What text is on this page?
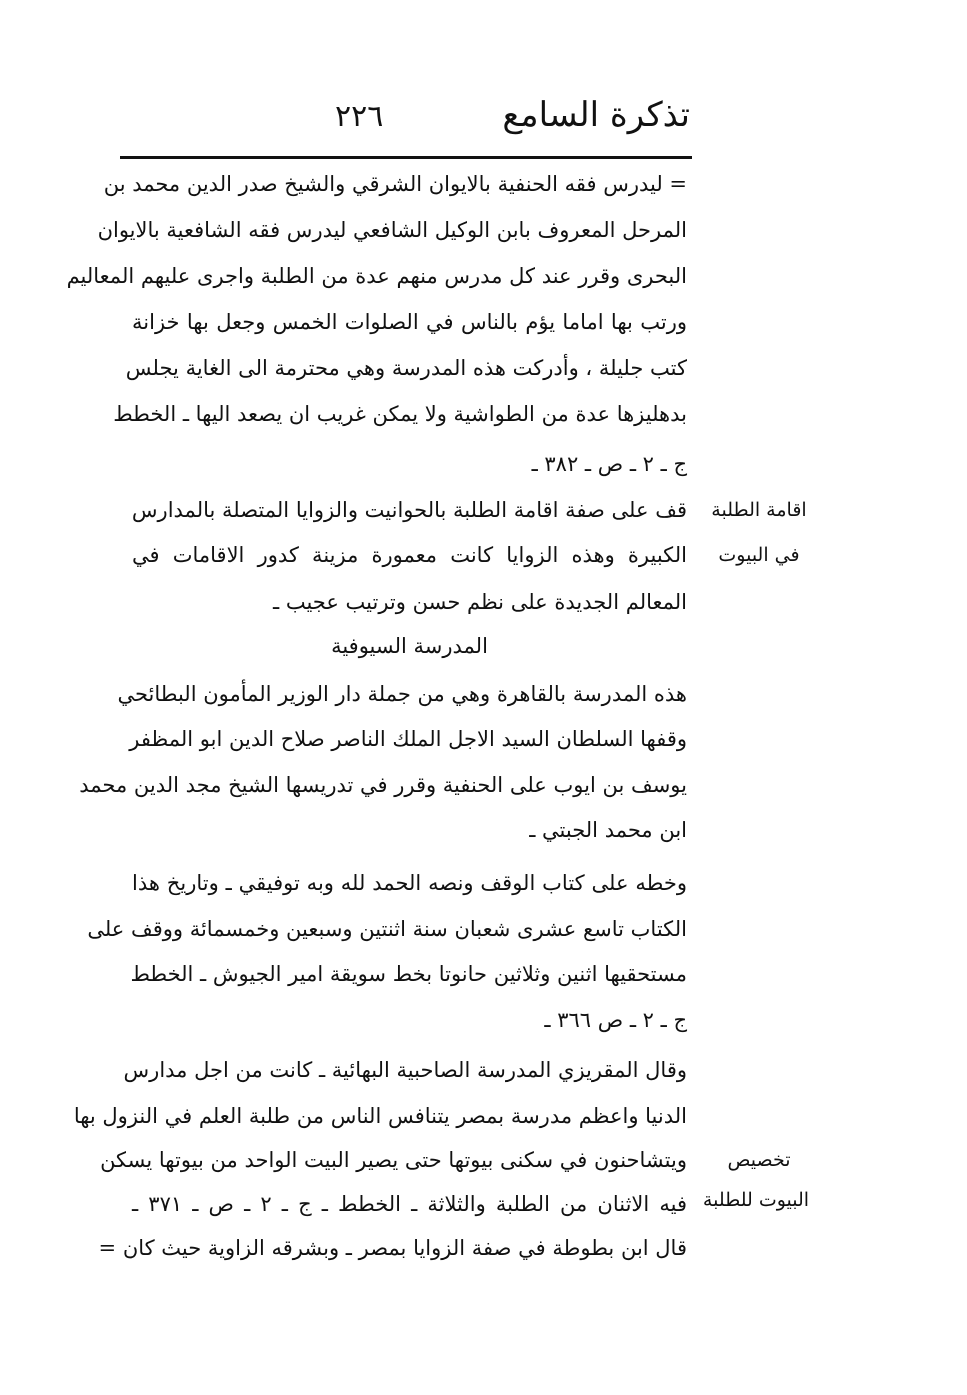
تذكرة السامع
٢٢٦
= ليدرس فقه الحنفية بالايوان الشرقي والشيخ صدر الدين محمد بن
المرحل المعروف بابن الوكيل الشافعي ليدرس فقه الشافعية بالايوان
البحرى وقرر عند كل مدرس منهم عدة من الطلبة واجرى عليهم المعاليم
ورتب بها اماما يؤم بالناس في الصلوات الخمس وجعل بها خزانة
كتب جليلة ، وأدركت هذه المدرسة وهي محترمة الى الغاية يجلس
بدهليزها عدة من الطواشية ولا يمكن غريب ان يصعد اليها ـ الخطط
ج ـ ٢ ـ ص ـ ٣٨٢ ـ
قف على صفة اقامة الطلبة بالحوانيت والزوايا المتصلة بالمدارس
الكبيرة وهذه الزوايا كانت معمورة مزينة كدور الاقامات في
المعالم الجديدة على نظم حسن وترتيب عجيب ـ
المدرسة السيوفية
هذه المدرسة بالقاهرة وهي من جملة دار الوزير المأمون البطائحي
وقفها السلطان السيد الاجل الملك الناصر صلاح الدين ابو المظفر
يوسف بن ايوب على الحنفية وقرر في تدريسها الشيخ مجد الدين محمد
ابن محمد الجبتي ـ
وخطه على كتاب الوقف ونصه الحمد لله وبه توفيقي ـ وتاريخ هذا
الكتاب تاسع عشرى شعبان سنة اثنتين وسبعين وخمسمائة ووقف على
مستحقيها اثنين وثلاثين حانوتا بخط سويقة امير الجيوش ـ الخطط
ج ـ ٢ ـ ص ٣٦٦ ـ
وقال المقريزي المدرسة الصاحبية البهائية ـ كانت من اجل مدارس
الدنيا واعظم مدرسة بمصر يتنافس الناس من طلبة العلم في النزول بها
ويتشاحنون في سكنى بيوتها حتى يصير البيت الواحد من بيوتها يسكن
فيه الاثنان من الطلبة والثلاثة ـ الخطط ـ ج ـ ٢ ـ ص ـ ٣٧١ ـ
قال ابن بطوطة في صفة الزوايا بمصر ـ وبشرقه الزاوية حيث كان =
اقامة الطلبة
في البيوت
تخصيص
البيوت للطلبة
